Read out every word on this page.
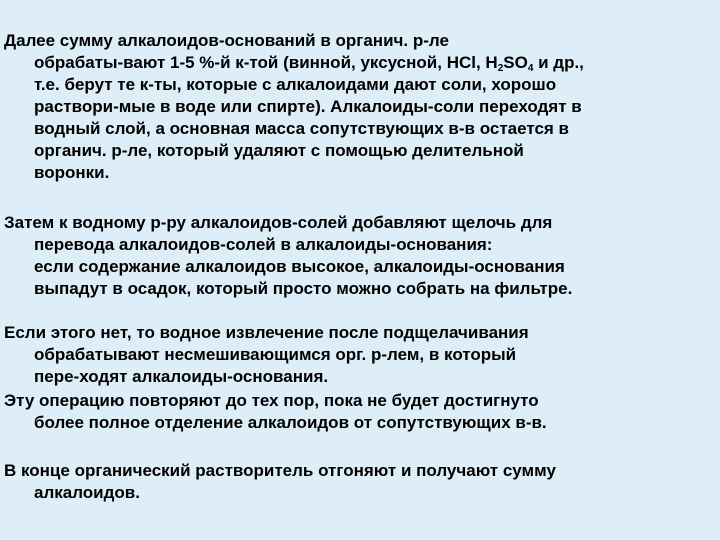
Далее сумму алкалоидов-оснований в органич. р-ле
обрабаты-вают 1-5 %-й к-той (винной, уксусной, HCl, $H_2SO_4$ и др.,
т.е. берут те к-ты, которые с алкалоидами дают соли, хорошо
раствори-мые в воде или спирте). Алкалоиды-соли переходят в
водный слой, а основная масса сопутствующих в-в остается в
органич. р-ле, который удаляют с помощью делительной
воронки.
Затем к водному р-ру алкалоидов-солей добавляют щелочь для
перевода алкалоидов-солей в алкалоиды-основания:
если содержание алкалоидов высокое, алкалоиды-основания
выпадут в осадок, который просто можно собрать на фильтре.
Если этого нет, то водное извлечение после подщелачивания
обрабатывают несмешивающимся орг. р-лем, в который
пере-ходят алкалоиды-основания.
Эту операцию повторяют до тех пор, пока не будет достигнуто
более полное отделение алкалоидов от сопутствующих в-в.
В конце органический растворитель отгоняют и получают сумму
алкалоидов.
